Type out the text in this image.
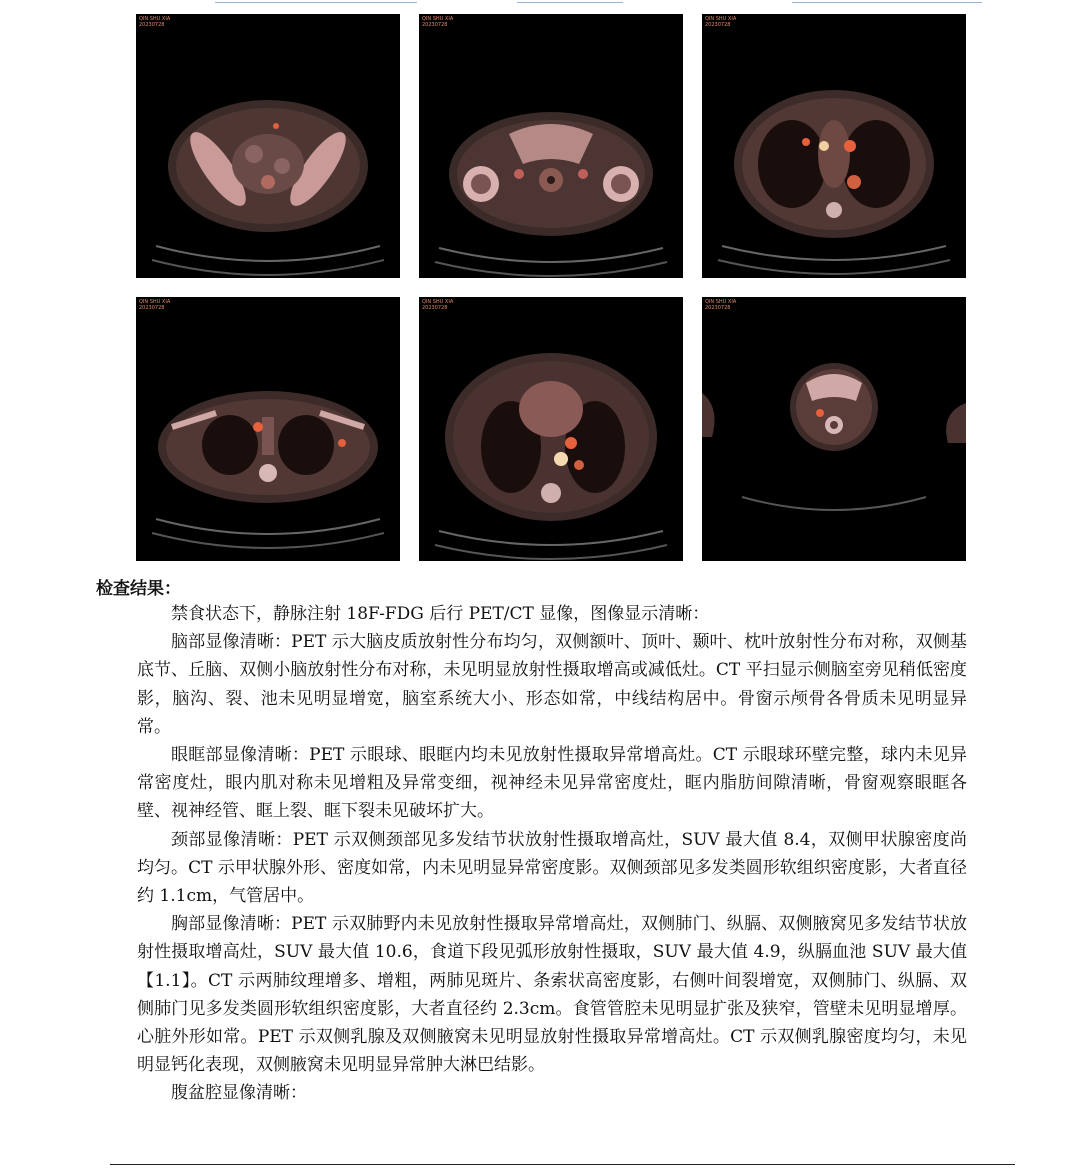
QIN SHU XIA
20230728
QIN SHU XIA
20230728
QIN SHU XIA
20230728
QIN SHU XIA
20230728
QIN SHU XIA
20230728
QIN SHU XIA
20230728
检查结果：

禁食状态下，静脉注射 18F-FDG 后行 PET/CT 显像，图像显示清晰：

脑部显像清晰：PET 示大脑皮质放射性分布均匀，双侧额叶、顶叶、颞叶、枕叶放射性分布对称，双侧基底节、丘脑、双侧小脑放射性分布对称，未见明显放射性摄取增高或减低灶。CT 平扫显示侧脑室旁见稍低密度影，脑沟、裂、池未见明显增宽，脑室系统大小、形态如常，中线结构居中。骨窗示颅骨各骨质未见明显异常。

眼眶部显像清晰：PET 示眼球、眼眶内均未见放射性摄取异常增高灶。CT 示眼球环壁完整，球内未见异常密度灶，眼内肌对称未见增粗及异常变细，视神经未见异常密度灶，眶内脂肪间隙清晰，骨窗观察眼眶各壁、视神经管、眶上裂、眶下裂未见破坏扩大。

颈部显像清晰：PET 示双侧颈部见多发结节状放射性摄取增高灶，SUV 最大值 8.4，双侧甲状腺密度尚均匀。CT 示甲状腺外形、密度如常，内未见明显异常密度影。双侧颈部见多发类圆形软组织密度影，大者直径约 1.1cm，气管居中。

胸部显像清晰：PET 示双肺野内未见放射性摄取异常增高灶，双侧肺门、纵膈、双侧腋窝见多发结节状放射性摄取增高灶，SUV 最大值 10.6，食道下段见弧形放射性摄取，SUV 最大值 4.9，纵膈血池 SUV 最大值【1.1】。CT 示两肺纹理增多、增粗，两肺见斑片、条索状高密度影，右侧叶间裂增宽，双侧肺门、纵膈、双侧肺门见多发类圆形软组织密度影，大者直径约 2.3cm。食管管腔未见明显扩张及狭窄，管壁未见明显增厚。心脏外形如常。PET 示双侧乳腺及双侧腋窝未见明显放射性摄取异常增高灶。CT 示双侧乳腺密度均匀，未见明显钙化表现，双侧腋窝未见明显异常肿大淋巴结影。

腹盆腔显像清晰：
